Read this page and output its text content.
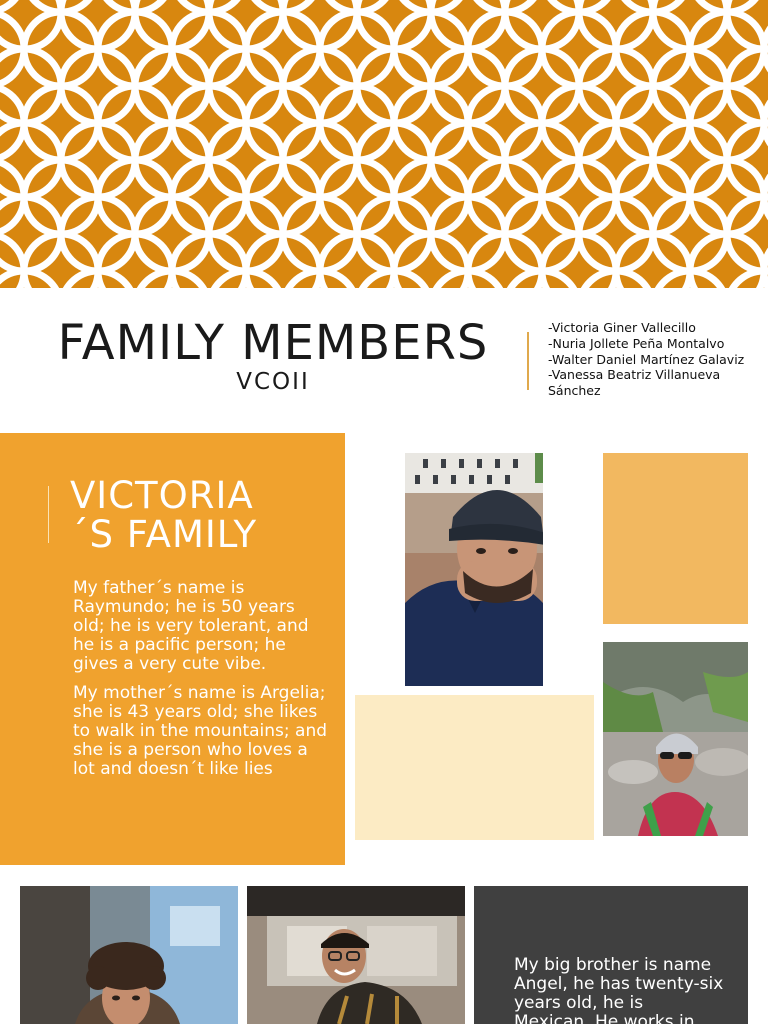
FAMILY MEMBERS
VCOII
-Victoria Giner Vallecillo
-Nuria Jollete Peña Montalvo
-Walter Daniel Martínez Galaviz
-Vanessa Beatriz Villanueva Sánchez
VICTORIA
´S FAMILY

My father´s name is Raymundo; he is 50 years old; he is very tolerant, and he is a pacific person; he gives a very cute vibe.

My mother´s name is Argelia; she is 43 years old; she likes to walk in the mountains; and she is a person who loves a lot and doesn´t like lies

My big brother is name Angel, he has twenty-six years old, he is Mexican. He works in
